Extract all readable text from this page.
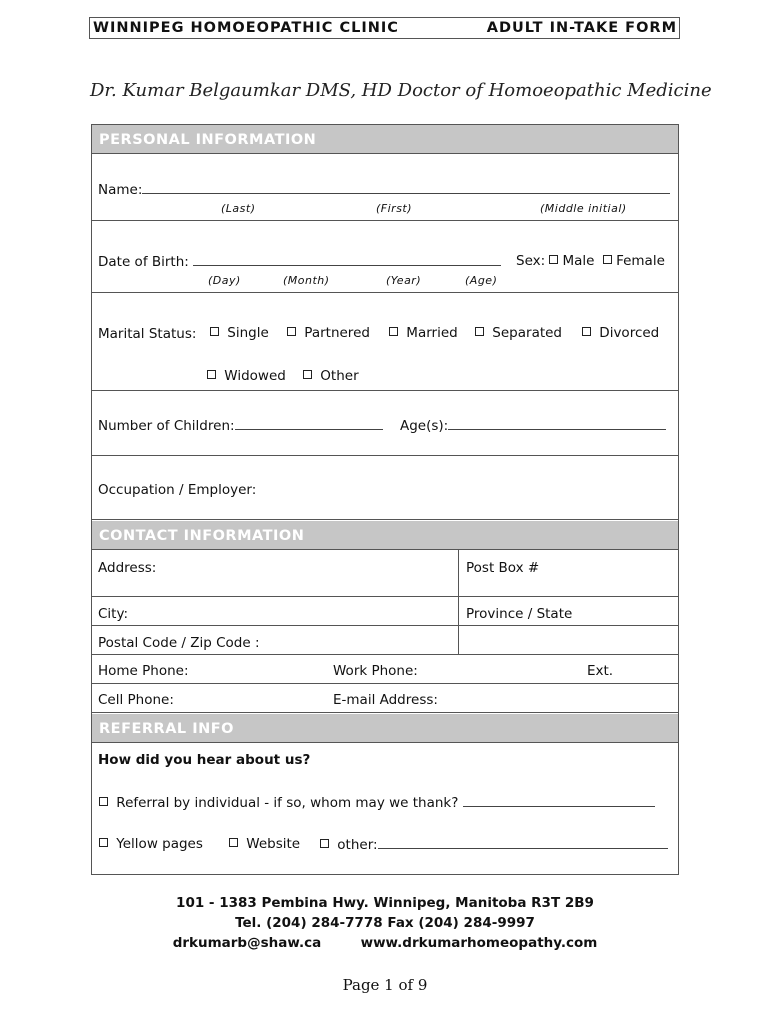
WINNIPEG HOMOEOPATHIC CLINIC	ADULT IN-TAKE FORM
Dr. Kumar Belgaumkar DMS, HD Doctor of Homoeopathic Medicine
PERSONAL INFORMATION
Name:
(Last)	(First)	(Middle initial)
Date of Birth:	Sex: Male Female
(Day)	(Month)	(Year)	(Age)
Marital Status:	Single	Partnered	Married	Separated	Divorced
Widowed	Other
Number of Children:	Age(s):
Occupation / Employer:
CONTACT INFORMATION
Address:	Post Box #
City:	Province / State
Postal Code / Zip Code :
Home Phone:	Work Phone:	Ext.
Cell Phone:	E-mail Address:
REFERRAL INFO
How did you hear about us?
Referral by individual - if so, whom may we thank?
Yellow pages	Website	other:
101 - 1383 Pembina Hwy. Winnipeg, Manitoba R3T 2B9
Tel. (204) 284-7778 Fax (204) 284-9997
drkumarb@shaw.ca	www.drkumarhomeopathy.com
Page 1 of 9
